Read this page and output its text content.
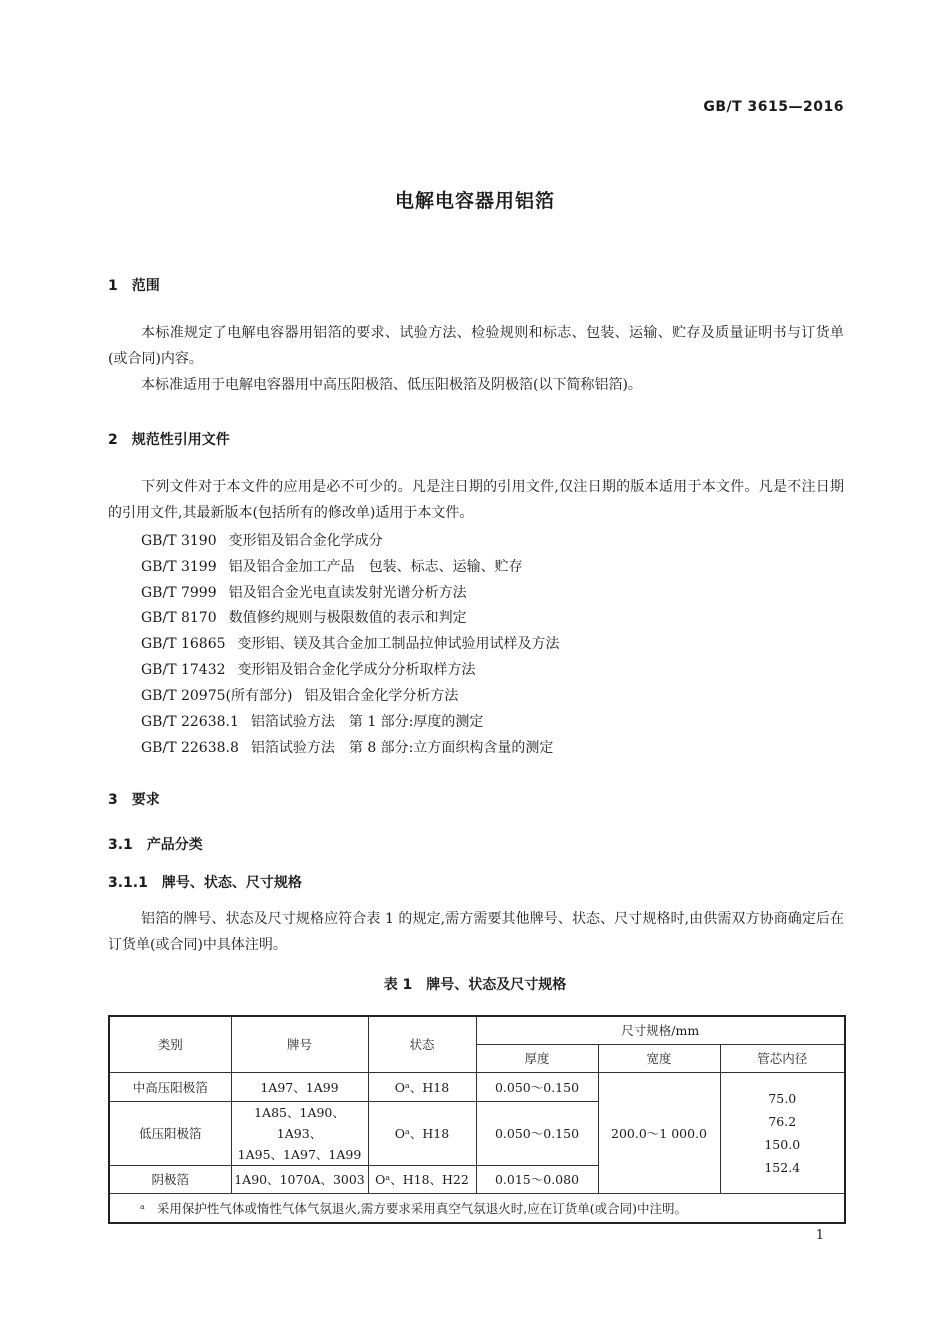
GB/T 3615—2016
电解电容器用铝箔
1 范围

本标准规定了电解电容器用铝箔的要求、试验方法、检验规则和标志、包装、运输、贮存及质量证明书与订货单(或合同)内容。

本标准适用于电解电容器用中高压阳极箔、低压阳极箔及阴极箔(以下简称铝箔)。

2 规范性引用文件

下列文件对于本文件的应用是必不可少的。凡是注日期的引用文件,仅注日期的版本适用于本文件。凡是不注日期的引用文件,其最新版本(包括所有的修改单)适用于本文件。

GB/T 3190 变形铝及铝合金化学成分
GB/T 3199 铝及铝合金加工产品　包装、标志、运输、贮存
GB/T 7999 铝及铝合金光电直读发射光谱分析方法
GB/T 8170 数值修约规则与极限数值的表示和判定
GB/T 16865 变形铝、镁及其合金加工制品拉伸试验用试样及方法
GB/T 17432 变形铝及铝合金化学成分分析取样方法
GB/T 20975(所有部分) 铝及铝合金化学分析方法
GB/T 22638.1 铝箔试验方法　第 1 部分:厚度的测定
GB/T 22638.8 铝箔试验方法　第 8 部分:立方面织构含量的测定
3 要求
3.1 产品分类
3.1.1 牌号、状态、尺寸规格

铝箔的牌号、状态及尺寸规格应符合表 1 的规定,需方需要其他牌号、状态、尺寸规格时,由供需双方协商确定后在订货单(或合同)中具体注明。

表 1　牌号、状态及尺寸规格
类别	牌号	状态	尺寸规格/mm		
			厚度	宽度	管芯内径
中高压阳极箔	1A97、1A99	Oᵃ、H18	0.050～0.150	200.0～1 000.0	75.0
76.2
150.0
152.4

低压阳极箔	1A85、1A90、1A93、
1A95、1A97、1A99	Oᵃ、H18	0.050～0.150		
阴极箔	1A90、1070A、3003	Oᵃ、H18、H22	0.015～0.080		
ᵃ 采用保护性气体或惰性气体气氛退火,需方要求采用真空气氛退火时,应在订货单(或合同)中注明。					
1
